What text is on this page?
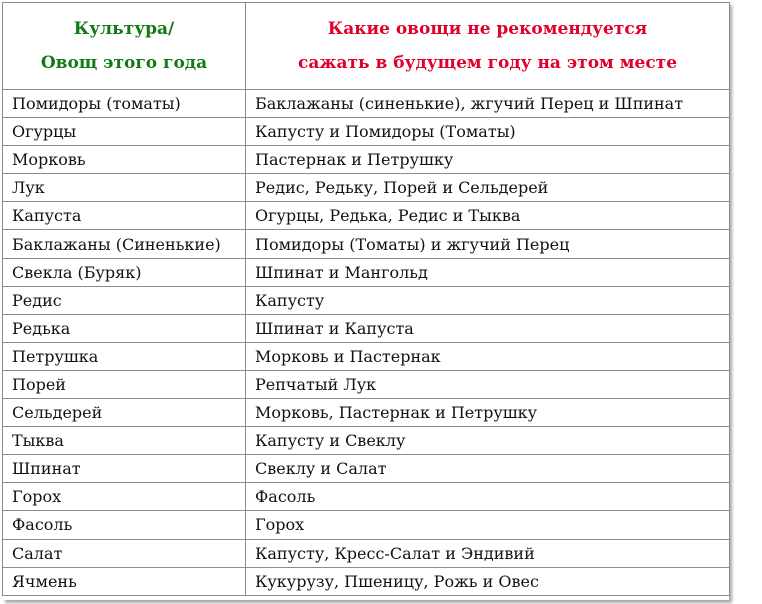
Культура/
Овощ этого года	Какие овощи не рекомендуется
сажать в будущем году на этом месте
Помидоры (томаты)	Баклажаны (синенькие), жгучий Перец и Шпинат
Огурцы	Капусту и Помидоры (Томаты)
Морковь	Пастернак и Петрушку
Лук	Редис, Редьку, Порей и Сельдерей
Капуста	Огурцы, Редька, Редис и Тыква
Баклажаны (Синенькие)	Помидоры (Томаты) и жгучий Перец
Свекла (Буряк)	Шпинат и Мангольд
Редис	Капусту
Редька	Шпинат и Капуста
Петрушка	Морковь и Пастернак
Порей	Репчатый Лук
Сельдерей	Морковь, Пастернак и Петрушку
Тыква	Капусту и Свеклу
Шпинат	Свеклу и Салат
Горох	Фасоль
Фасоль	Горох
Салат	Капусту, Кресс-Салат и Эндивий
Ячмень	Кукурузу, Пшеницу, Рожь и Овес
